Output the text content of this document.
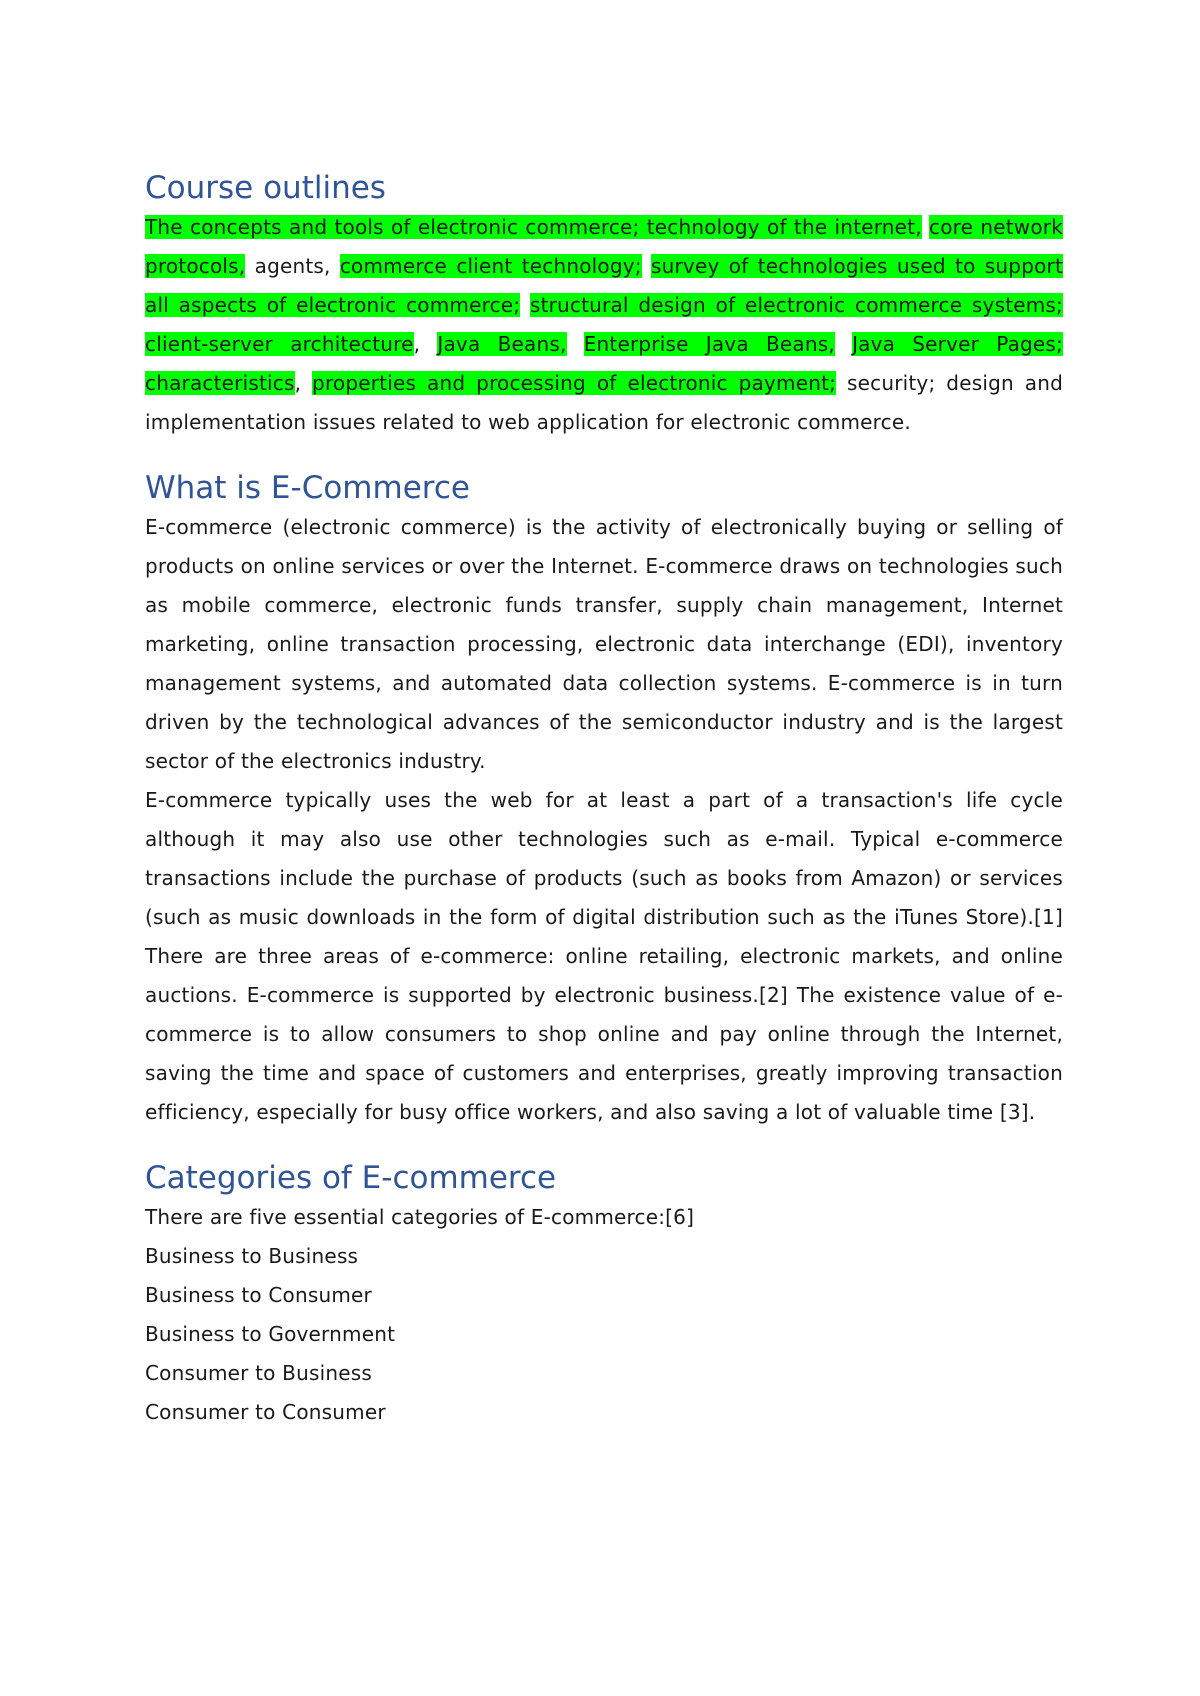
Course outlines

The concepts and tools of electronic commerce; technology of the internet, core network protocols, agents, commerce client technology; survey of technologies used to support all aspects of electronic commerce; structural design of electronic commerce systems; client-server architecture, Java Beans, Enterprise Java Beans, Java Server Pages; characteristics, properties and processing of electronic payment; security; design and implementation issues related to web application for electronic commerce.

What is E-Commerce

E-commerce (electronic commerce) is the activity of electronically buying or selling of products on online services or over the Internet. E-commerce draws on technologies such as mobile commerce, electronic funds transfer, supply chain management, Internet marketing, online transaction processing, electronic data interchange (EDI), inventory management systems, and automated data collection systems. E-commerce is in turn driven by the technological advances of the semiconductor industry and is the largest sector of the electronics industry.

E-commerce typically uses the web for at least a part of a transaction's life cycle although it may also use other technologies such as e-mail. Typical e-commerce transactions include the purchase of products (such as books from Amazon) or services (such as music downloads in the form of digital distribution such as the iTunes Store).[1] There are three areas of e-commerce: online retailing, electronic markets, and online auctions. E-commerce is supported by electronic business.[2] The existence value of e-commerce is to allow consumers to shop online and pay online through the Internet, saving the time and space of customers and enterprises, greatly improving transaction efficiency, especially for busy office workers, and also saving a lot of valuable time [3].

Categories of E-commerce

There are five essential categories of E-commerce:[6]

Business to Business

Business to Consumer

Business to Government

Consumer to Business

Consumer to Consumer
